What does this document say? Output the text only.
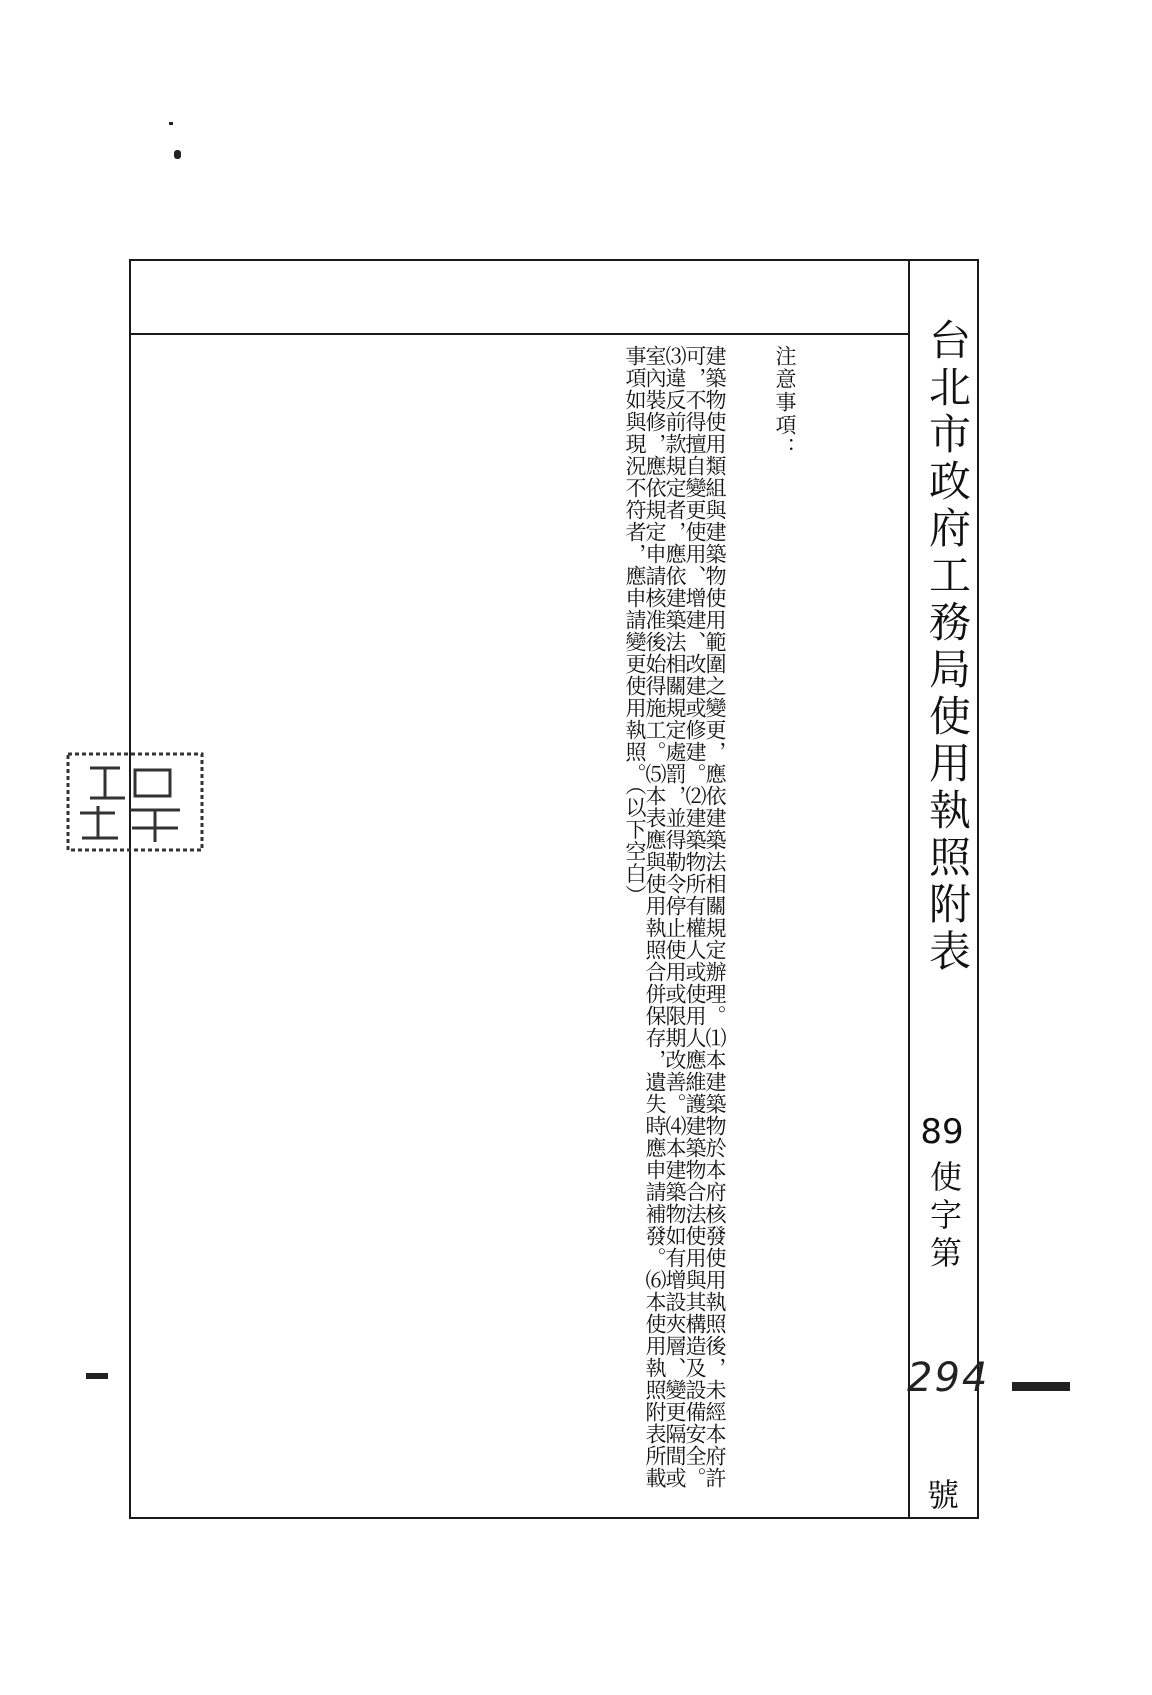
台北市政府工務局使用執照附表
89
使字第
294
號
注意事項：
建築物使用類組與建築物使用範圍之變更，應依建築法相關規定辦理。⑴本建築物於本府核發使用執照後，未經本府許可，不得擅自變更使用、增建、改建或修建。⑵建築物所有權人或使用人應維護建築物合法使用與其構造及設備安全。⑶違反前款規定者，應依建築法相關規定處罰，並得勒令停止使用或限期改善。⑷本建築物如有增設夾層、變更隔間或室內裝修，應依規定申請核准後始得施工。⑸本表應與使用執照合併保存，遺失時應申請補發。⑹本使用執照附表所載事項如與現況不符者，應申請變更使用執照。（以下空白）
